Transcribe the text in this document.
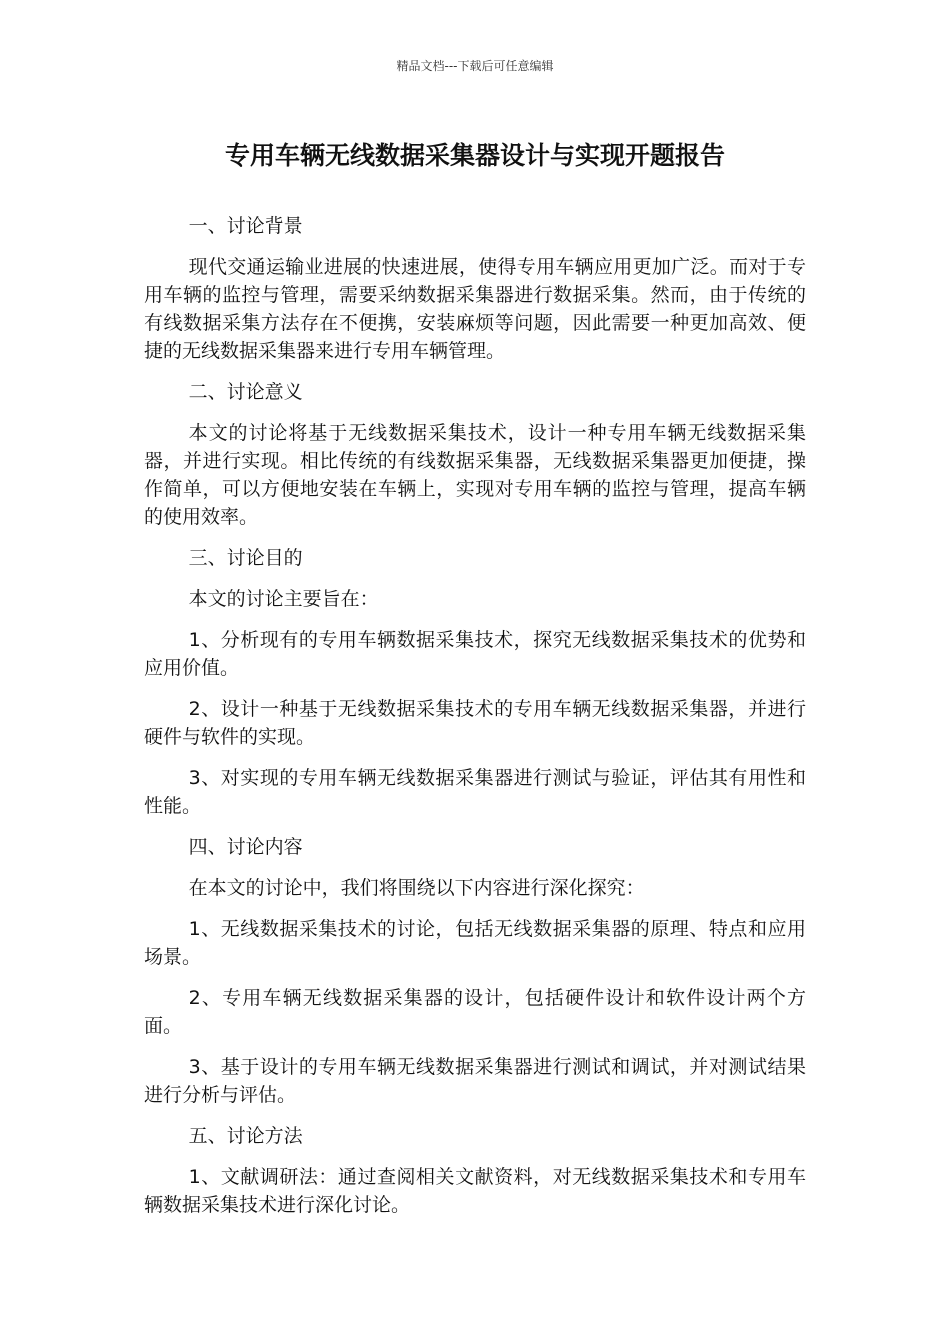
精品文档---下载后可任意编辑
专用车辆无线数据采集器设计与实现开题报告

一、讨论背景

现代交通运输业进展的快速进展，使得专用车辆应用更加广泛。而对于专用车辆的监控与管理，需要采纳数据采集器进行数据采集。然而，由于传统的有线数据采集方法存在不便携，安装麻烦等问题，因此需要一种更加高效、便捷的无线数据采集器来进行专用车辆管理。

二、讨论意义

本文的讨论将基于无线数据采集技术，设计一种专用车辆无线数据采集器，并进行实现。相比传统的有线数据采集器，无线数据采集器更加便捷，操作简单，可以方便地安装在车辆上，实现对专用车辆的监控与管理，提高车辆的使用效率。

三、讨论目的

本文的讨论主要旨在：

1、分析现有的专用车辆数据采集技术，探究无线数据采集技术的优势和应用价值。

2、设计一种基于无线数据采集技术的专用车辆无线数据采集器，并进行硬件与软件的实现。

3、对实现的专用车辆无线数据采集器进行测试与验证，评估其有用性和性能。

四、讨论内容

在本文的讨论中，我们将围绕以下内容进行深化探究：

1、无线数据采集技术的讨论，包括无线数据采集器的原理、特点和应用场景。

2、专用车辆无线数据采集器的设计，包括硬件设计和软件设计两个方面。

3、基于设计的专用车辆无线数据采集器进行测试和调试，并对测试结果进行分析与评估。

五、讨论方法

1、文献调研法：通过查阅相关文献资料，对无线数据采集技术和专用车辆数据采集技术进行深化讨论。
